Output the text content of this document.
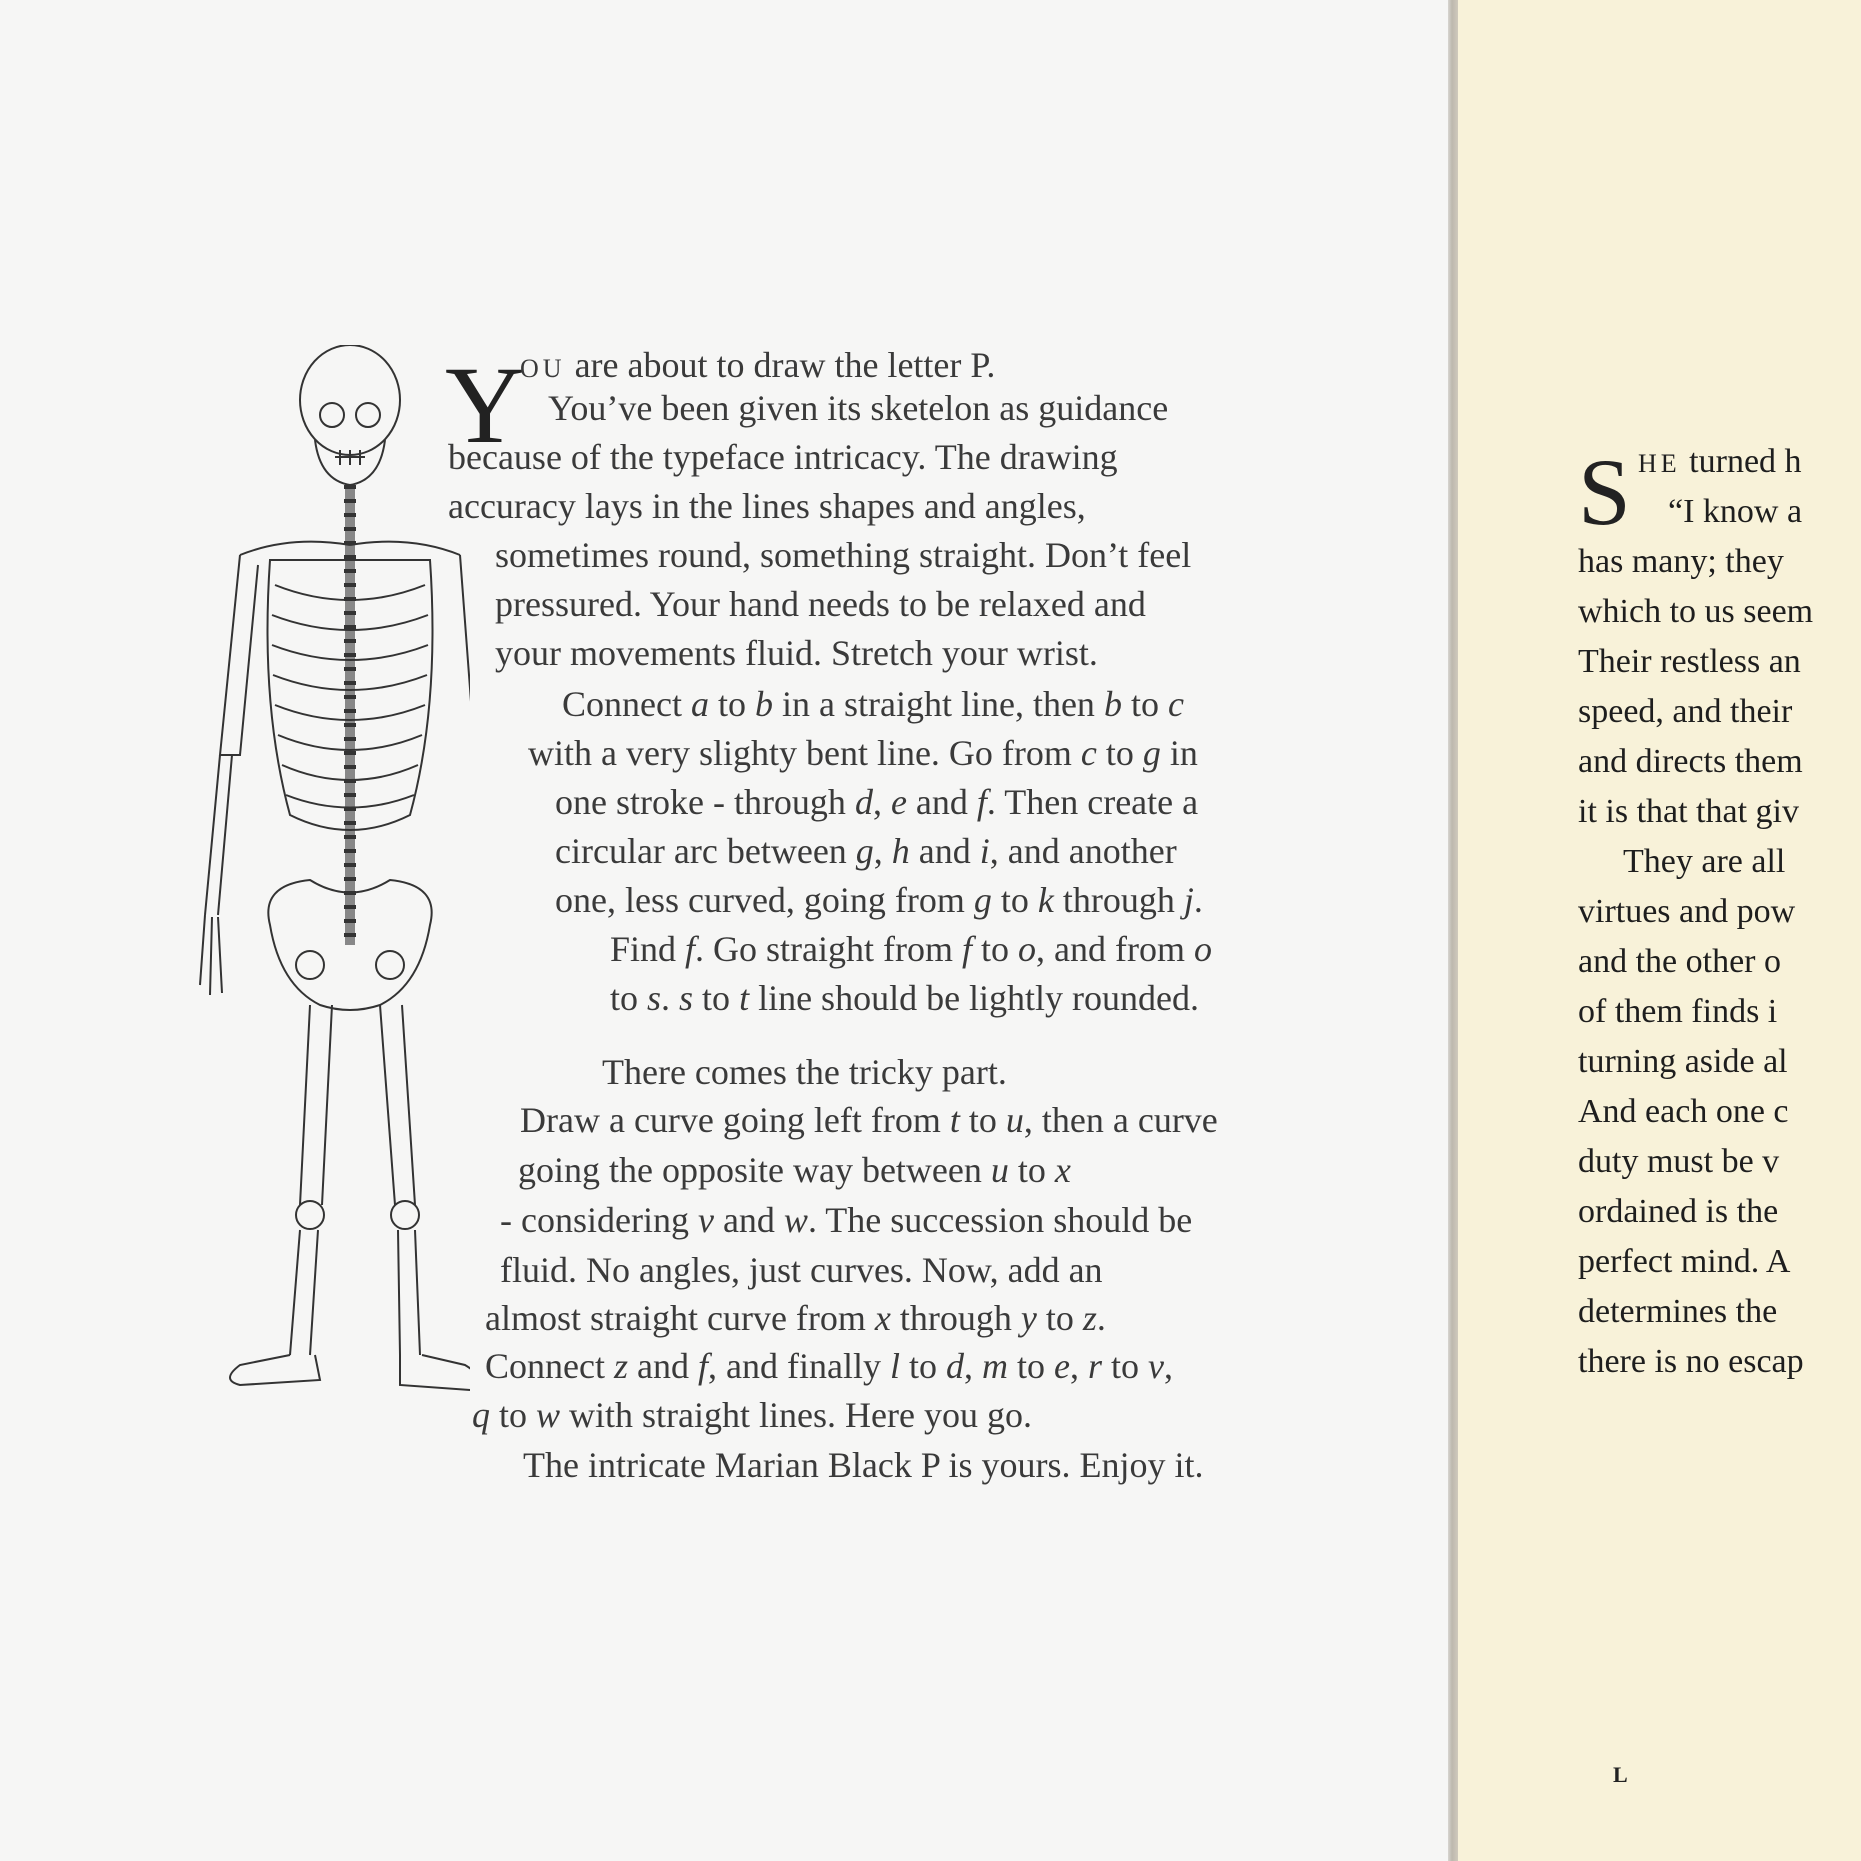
Y
OU are about to draw the letter P.
You’ve been given its sketelon as guidance
because of the typeface intricacy. The drawing
accuracy lays in the lines shapes and angles,
sometimes round, something straight. Don’t feel
pressured. Your hand needs to be relaxed and
your movements fluid. Stretch your wrist.
Connect a to b in a straight line, then b to c
with a very slighty bent line. Go from c to g in
one stroke - through d, e and f. Then create a
circular arc between g, h and i, and another
one, less curved, going from g to k through j.
Find f. Go straight from f to o, and from o
to s. s to t line should be lightly rounded.
There comes the tricky part.
Draw a curve going left from t to u, then a curve
going the opposite way between u to x
- considering v and w. The succession should be
fluid. No angles, just curves. Now, add an
almost straight curve from x through y to z.
Connect z and f, and finally l to d, m to e, r to v,
q to w with straight lines. Here you go.
The intricate Marian Black P is yours. Enjoy it.
S HE turned h
“I know a
has many; they
which to us seem
Their restless an
speed, and their
and directs them
it is that that giv
They are all
virtues and pow
and the other o
of them finds i
turning aside al
And each one c
duty must be v
ordained is the
perfect mind. A
determines the
there is no escap
L
